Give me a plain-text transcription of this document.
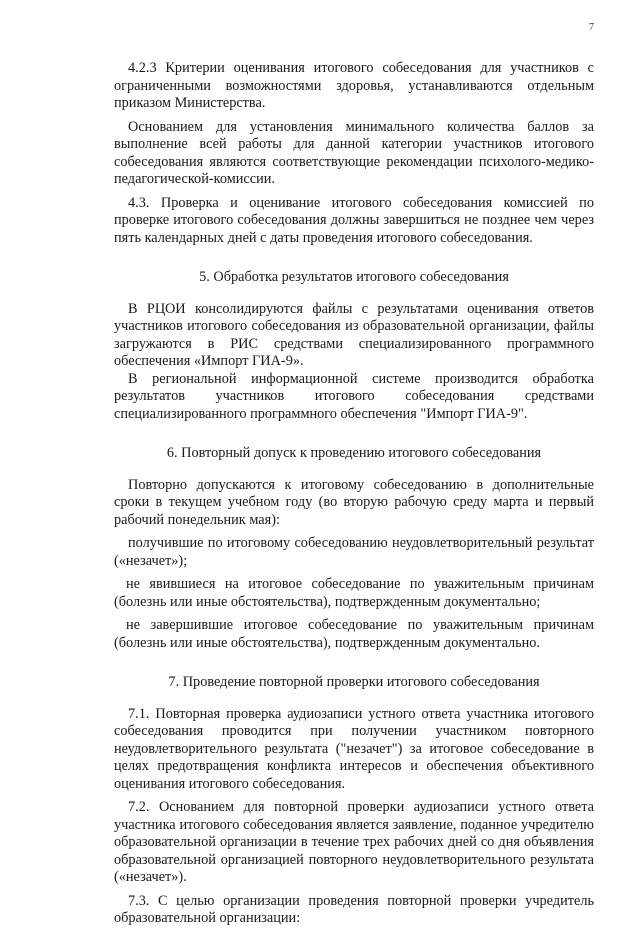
7

4.2.3 Критерии оценивания итогового собеседования для участников с ограниченными возможностями здоровья, устанавливаются отдельным приказом Министерства.

Основанием для установления минимального количества баллов за выполнение всей работы для данной категории участников итогового собеседования являются соответствующие рекомендации психолого-медико-педагогической-комиссии.

4.3. Проверка и оценивание итогового собеседования комиссией по проверке итогового собеседования должны завершиться не позднее чем через пять календарных дней с даты проведения итогового собеседования.

5. Обработка результатов итогового собеседования

В РЦОИ консолидируются файлы с результатами оценивания ответов участников итогового собеседования из образовательной организации, файлы загружаются в РИС средствами специализированного программного обеспечения «Импорт ГИА-9».

В региональной информационной системе производится обработка результатов участников итогового собеседования средствами специализированного программного обеспечения "Импорт ГИА-9".

6. Повторный допуск к проведению итогового собеседования

Повторно допускаются к итоговому собеседованию в дополнительные сроки в текущем учебном году (во вторую рабочую среду марта и первый рабочий понедельник мая):

получившие по итоговому собеседованию неудовлетворительный результат («незачет»);

не явившиеся на итоговое собеседование по уважительным причинам (болезнь или иные обстоятельства), подтвержденным документально;

не завершившие итоговое собеседование по уважительным причинам (болезнь или иные обстоятельства), подтвержденным документально.

7. Проведение повторной проверки итогового собеседования

7.1. Повторная проверка аудиозаписи устного ответа участника итогового собеседования проводится при получении участником повторного неудовлетворительного результата ("незачет") за итоговое собеседование в целях предотвращения конфликта интересов и обеспечения объективного оценивания итогового собеседования.

7.2. Основанием для повторной проверки аудиозаписи устного ответа участника итогового собеседования является заявление, поданное учредителю образовательной организации в течение трех рабочих дней со дня объявления образовательной организацией повторного неудовлетворительного результата («незачет»).

7.3. С целью организации проведения повторной проверки учредитель образовательной организации:
